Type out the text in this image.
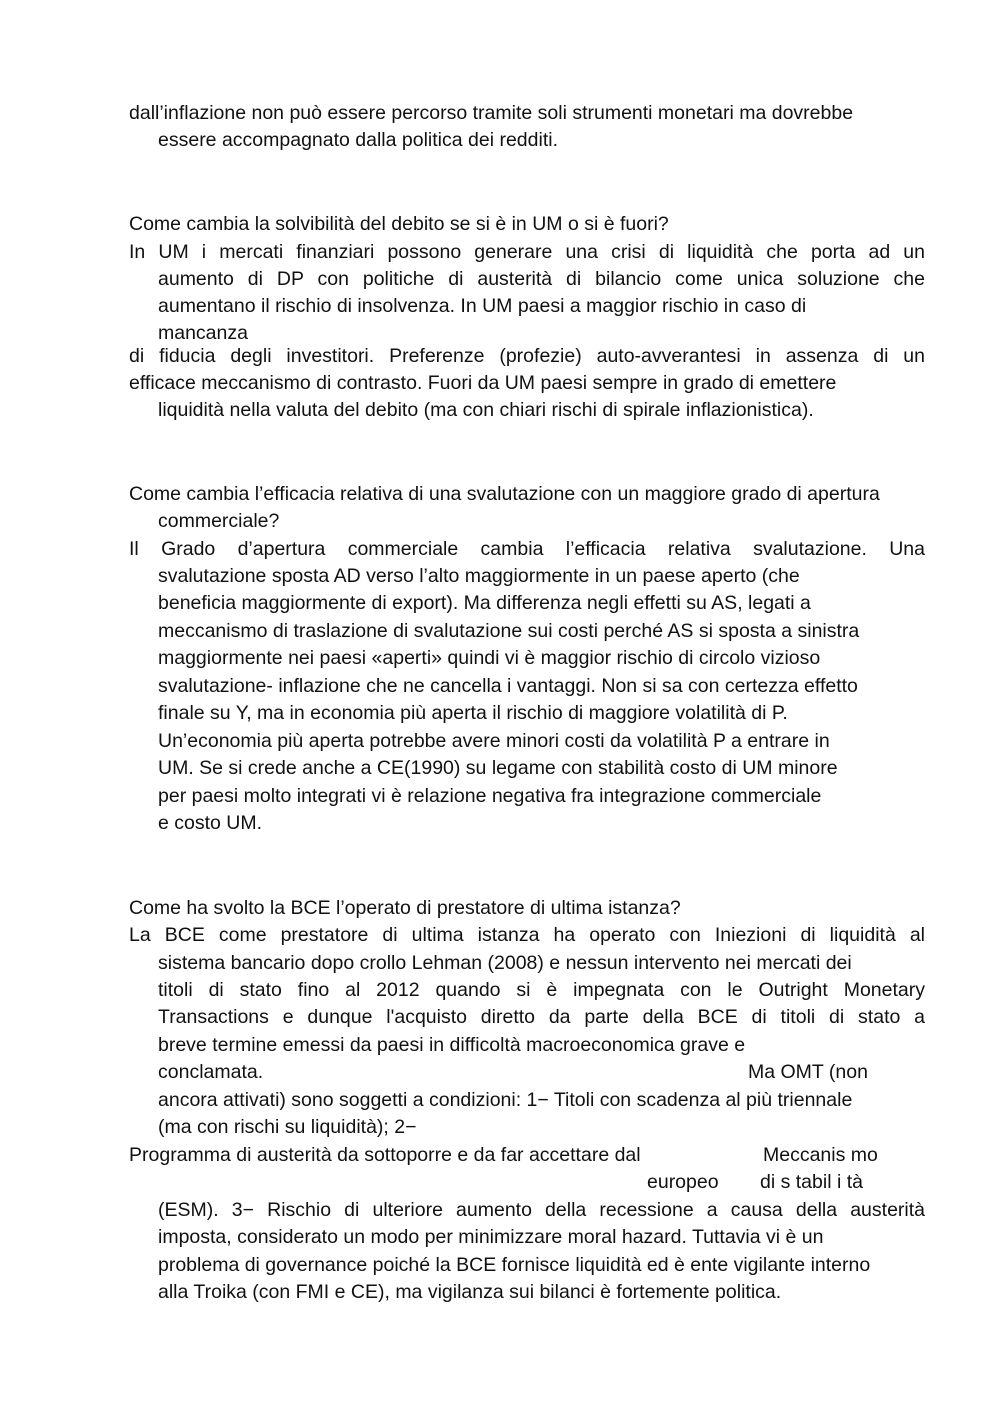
dall’inflazione non può essere percorso tramite soli strumenti monetari ma dovrebbe
essere accompagnato dalla politica dei redditi.
Come cambia la solvibilità del debito se si è in UM o si è fuori?
In UM i mercati finanziari possono generare una crisi di liquidità che porta ad un
aumento di DP con politiche di austerità di bilancio come unica soluzione che
aumentano il rischio di insolvenza. In UM paesi a maggior rischio in caso di
mancanza
di fiducia degli investitori. Preferenze (profezie) auto-avverantesi in assenza di un
efficace meccanismo di contrasto. Fuori da UM paesi sempre in grado di emettere
liquidità nella valuta del debito (ma con chiari rischi di spirale inflazionistica).
Come cambia l’efficacia relativa di una svalutazione con un maggiore grado di apertura
commerciale?
Il Grado d’apertura commerciale cambia l’efficacia relativa svalutazione. Una
svalutazione sposta AD verso l’alto maggiormente in un paese aperto (che
beneficia maggiormente di export). Ma differenza negli effetti su AS, legati a
meccanismo di traslazione di svalutazione sui costi perché AS si sposta a sinistra
maggiormente nei paesi «aperti» quindi vi è maggior rischio di circolo vizioso
svalutazione- inflazione che ne cancella i vantaggi. Non si sa con certezza effetto
finale su Y, ma in economia più aperta il rischio di maggiore volatilità di P.
Un’economia più aperta potrebbe avere minori costi da volatilità P a entrare in
UM. Se si crede anche a CE(1990) su legame con stabilità costo di UM minore
per paesi molto integrati vi è relazione negativa fra integrazione commerciale
e costo UM.
Come ha svolto la BCE l’operato di prestatore di ultima istanza?
La BCE come prestatore di ultima istanza ha operato con Iniezioni di liquidità al
sistema bancario dopo crollo Lehman (2008) e nessun intervento nei mercati dei
titoli di stato fino al 2012 quando si è impegnata con le Outright Monetary
Transactions e dunque l'acquisto diretto da parte della BCE di titoli di stato a
breve termine emessi da paesi in difficoltà macroeconomica grave e
conclamata.	Ma OMT (non
ancora attivati) sono soggetti a condizioni: 1− Titoli con scadenza al più triennale
(ma con rischi su liquidità); 2−
Programma di austerità da sottoporre e da far accettare dal	Meccanis mo
europeo di s tabil i tà
(ESM). 3− Rischio di ulteriore aumento della recessione a causa della austerità
imposta, considerato un modo per minimizzare moral hazard. Tuttavia vi è un
problema di governance poiché la BCE fornisce liquidità ed è ente vigilante interno
alla Troika (con FMI e CE), ma vigilanza sui bilanci è fortemente politica.
